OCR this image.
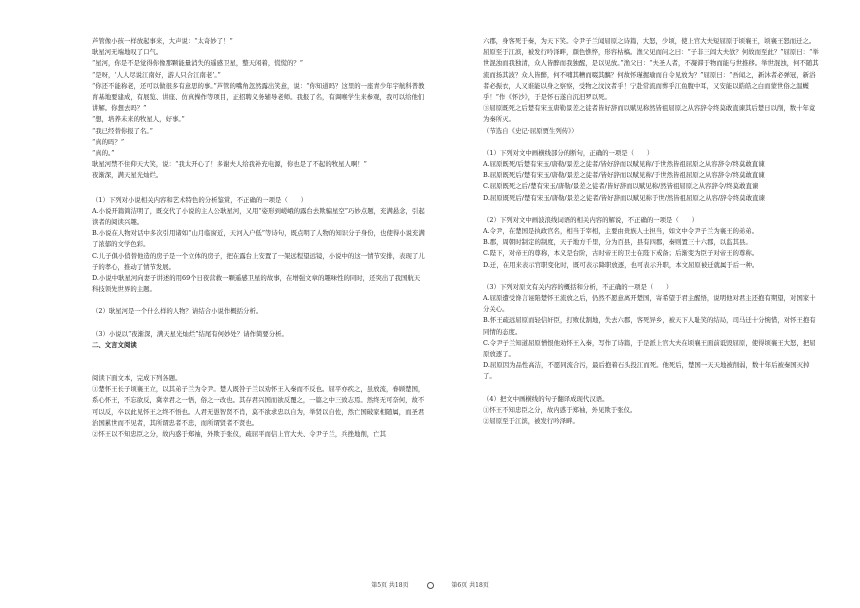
芦管像小孩一样放起事来，大声说：“太奇妙了！”

耿星河无端地叹了口气。

“星河，你是不是觉得你像那颗能量消失的遥感卫星，整天闲着，慌慌的？”

“是呀，‘人人尽说江南好，游人只合江南老’。”

“你还不能称老，还可以做很多有意思的事。”芦管的嘴角忽然露出笑意，说：“你知道吗？这里的一座青少年宇航科普教育基地要建成，有展览、讲座、仿真操作等项目，正招聘义务辅导老师。我报了名，有调喉学生来参观，我可以给他们讲解。你想去吗？”

“想，培养未来的牧星人，好事。”

“我已经替你报了名。”

“真的吗？”

“真的。”

耿星河禁不住仰天大笑，说：“我太开心了！多谢夫人给我补充电源，你也是了不起的牧星人啊！”

夜渐深，满天星光灿烂。

（1）下列对小说相关内容和艺术特色的分析鉴赏，不正确的一项是（　　）

A.小说开篇简洁明了，既交代了小说的主人公耿星河，又用“姿形到嵯峨的露台去欺骗星空”巧妙点题，充满悬念，引起读者的阅读兴趣。

B.小说在人物对话中多次引用诸如“山月临窗近，天河入户低”等诗句，既点明了人物的知识分子身份，也使得小说充满了浓郁的文学色彩。

C.儿子俱小俏替他造的房子是一个立体的房子，把在露台上安置了一架远程望远镜，小说中的这一情节安排，表现了儿子的孝心，推动了情节发展。

D.小说中耿星河向妻子讲述的用69个日夜营救一颗遥感卫星的故事，在增强文章的趣味性的同时，还突出了我国航天科技领先世界的主题。

（2）耿星河是一个什么样的人物？请结合小说作概括分析。

（3）小说以“夜渐深，满天星光灿烂”结尾有何妙处？请作简要分析。

二、文言文阅读

阅读下面文本，完成下列各题。

①楚怀王长子顷襄王立，以其弟子兰为令尹。楚人既咎子兰以劝怀王入秦而不反也。屈平亦疾之，虽放流，眷顾楚国，系心怀王，不忘欲反，冀幸君之一悟，俗之一改也。其存君兴国而欲反覆之，一篇之中三致志焉。然终无可奈何，故不可以反，卒以此见怀王之终不悟也。人君无愚智贤不肖，莫不欲求忠以自为，举贤以自佐，然亡国破家相随属，而圣君治国累世而不见者，其所谓忠者不忠，而所谓贤者不贤也。

②怀王以不知忠臣之分，故内惑于郑袖，外欺于张仪，疏屈平而信上官大夫、令尹子兰，兵挫地削，亡其

六郡，身客死于秦，为天下笑。令尹子兰闻屈原之诗篇，大怒，少顷，使上官大夫短屈原于顷襄王，顷襄王怒而迁之。屈原至于江滨，被发行吟泽畔，颜色憔悴，形容枯槁。渔父见而问之曰：“子非三闾大夫欤？何故而至此？”屈原曰：“举世混浊而我独清，众人皆醉而我独醒，是以见放。”渔父曰：“夫圣人者，不凝滞于物而能与世推移。举世混浊，何不随其流而扬其波？众人皆醉，何不哺其糟而啜其醨？何故怀瑾握瑜而自令见放为？”屈原曰：“吾闻之，新沐者必弹冠，新浴者必振衣，人又谁能以身之察察，受物之汶汶者乎！宁赴常流而葬乎江鱼腹中耳，又安能以皓皓之白而蒙世俗之温蠖乎！”作《怀沙》，于是怀石遂自沉汨罗以死。

③屈原既死之后楚有宋玉唐勒景差之徒者皆好辞而以赋见称然皆祖屈原之从容辞令终莫敢直谏其后楚日以削，数十年竟为秦所灭。

（节选自《史记·屈原贾生列传》）

（1）下列对文中画横线部分的断句，正确的一项是（　　）

A.屈原既死/后楚有宋玉/唐勒/景差之徒者/皆好辞而以赋见称/于世然皆祖屈原之从容辞令/终莫敢直谏

B.屈原既死后/楚有宋玉/唐勒/景差之徒者/皆好辞而以赋见称/于世然皆祖屈原之从容辞令/终莫敢直谏

C.屈原既死之后/楚有宋玉/唐勒/景差之徒者/皆好辞而以赋见称/然皆祖屈原之从容辞令/终莫敢直谏

D.屈原既死后/楚有宋玉/唐勒/景差之徒者/皆好辞而以赋见称于世/然皆祖屈原之从容/辞令终莫敢直谏

（2）下列对文中画波浪线词语的相关内容的解说，不正确的一项是（　　）

A.令尹，在楚国是执政官名，相当于宰相，主要由贵族人士担当，如文中令尹子兰为襄王的弟弟。

B.郡，周朝时制定的制度，天子地方千里，分为百县，县有四郡，秦则置三十六郡，以监其县。

C.陛下，对帝王的尊称，本义是台阶，古时帝王的卫士在陛下戒备；后渐变为臣子对帝王的尊称。

D.迁，在用来表示官职变化时，既可表示降职放逐，也可表示升职，本文屈原被迁就属于后一种。

（3）下列对原文有关内容的概括和分析，不正确的一项是（　　）

A.屈原遭受谗言诬陷楚怀王流放之后，仍然不愿意离开楚国，寄希望于君主醒悟，说明他对君主还抱有期望，对国家十分关心。

B.怀王疏远屈原而轻信奸臣，打败仗割地，失去六郡，客死异乡，被天下人耻笑的结局，司马迁十分惋惜，对怀王抱有同情的态度。

C.令尹子兰知道屈原憎恨他劝怀王入秦，写作了诗篇，于是派上官大夫在顷襄王面前诋毁屈原，使得顷襄王大怒，把屈原放逐了。

D.屈原因为品性高洁，不愿同流合污，最后抱着石头投江而死。他死后，楚国一天天地被削弱，数十年后被秦国灭掉了。

（4）把文中画横线的句子翻译成现代汉语。

①怀王不知忠臣之分，故内惑于郑袖，外见欺于张仪。

②屈原至于江滨，被发行吟泽畔。

第5页 共18页	第6页 共18页
